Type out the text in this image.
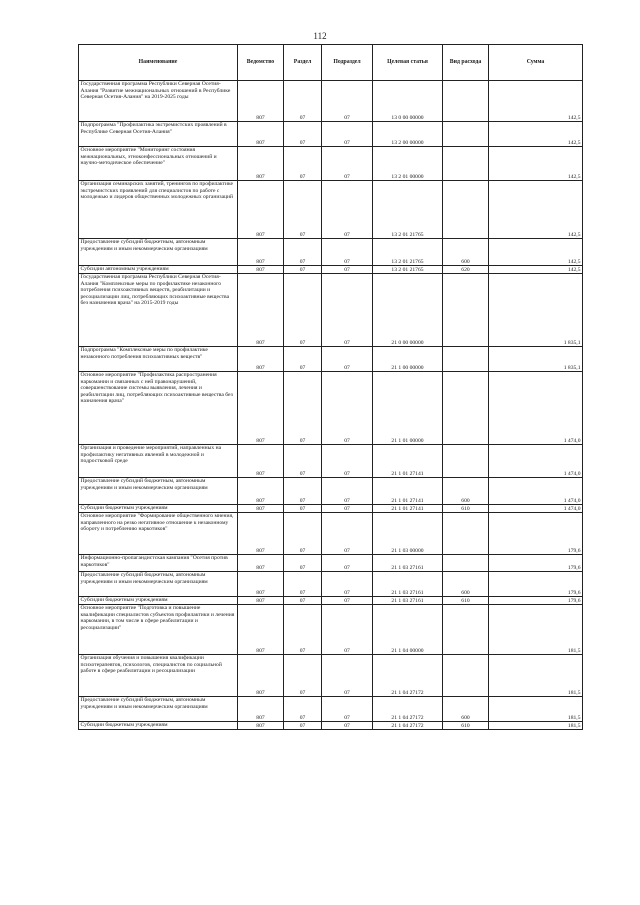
112
Наименование	Ведомство	Раздел	Подраздел	Целевая статья	Вид расхода	Сумма
Государственная программа Республики Северная Осетия-Алания "Развитие межнациональных отношений в Республике Северная Осетия-Алания" на 2019-2025 годы	807	07	07	13 0 00 00000		142,5
Подпрограмма "Профилактика экстремистских проявлений в Республике Северная Осетия-Алания"	807	07	07	13 2 00 00000		142,5
Основное мероприятие "Мониторинг состояния межнациональных, этноконфессиональных отношений и научно-методическое обеспечение"	807	07	07	13 2 01 00000		142,5
Организация семинарских занятий, тренингов по профилактике экстремистских проявлений для специалистов по работе с молодежью и лидеров общественных молодежных организаций	807	07	07	13 2 01 21765		142,5
Предоставление субсидий бюджетным, автономным учреждениям и иным некоммерческим организациям	807	07	07	13 2 01 21765	600	142,5
Субсидии автономным учреждениям	807	07	07	13 2 01 21765	620	142,5
Государственная программа Республики Северная Осетия-Алания "Комплексные меры по профилактике незаконного потребления психоактивных веществ, реабилитации и ресоциализации лиц, потребляющих психоактивные вещества без назначения врача" на 2015-2019 годы	807	07	07	21 0 00 00000		1 835,1
Подпрограмма "Комплексные меры по профилактике незаконного потребления психоактивных веществ"	807	07	07	21 1 00 00000		1 835,1
Основное мероприятие "Профилактика распространения наркомании и связанных с ней правонарушений, совершенствование системы выявления, лечения и реабилитации лиц, потребляющих психоактивные вещества без назначения врача"	807	07	07	21 1 01 00000		1 474,0
Организация и проведение мероприятий, направленных на профилактику негативных явлений в молодежной и подростковой среде	807	07	07	21 1 01 27141		1 474,0
Предоставление субсидий бюджетным, автономным учреждениям и иным некоммерческим организациям	807	07	07	21 1 01 27141	600	1 474,0
Субсидии бюджетным учреждениям	807	07	07	21 1 01 27141	610	1 474,0
Основное мероприятие "Формирование общественного мнения, направленного на резко негативное отношение к незаконному обороту и потреблению наркотиков"	807	07	07	21 1 03 00000		179,6
Информационно-пропагандистская кампания "Осетия против наркотиков"	807	07	07	21 1 03 27161		179,6
Предоставление субсидий бюджетным, автономным учреждениям и иным некоммерческим организациям	807	07	07	21 1 03 27161	600	179,6
Субсидии бюджетным учреждениям	807	07	07	21 1 03 27161	610	179,6
Основное мероприятие "Подготовка и повышение квалификации специалистов субъектов профилактики и лечения наркомании, в том числе в сфере реабилитации и ресоциализации"	807	07	07	21 1 04 00000		181,5
Организация обучения и повышения квалификации психотерапевтов, психологов, специалистов по социальной работе в сфере реабилитации и ресоциализации	807	07	07	21 1 04 27172		181,5
Предоставление субсидий бюджетным, автономным учреждениям и иным некоммерческим организациям	807	07	07	21 1 04 27172	600	181,5
Субсидии бюджетным учреждениям	807	07	07	21 1 04 27172	610	181,5
